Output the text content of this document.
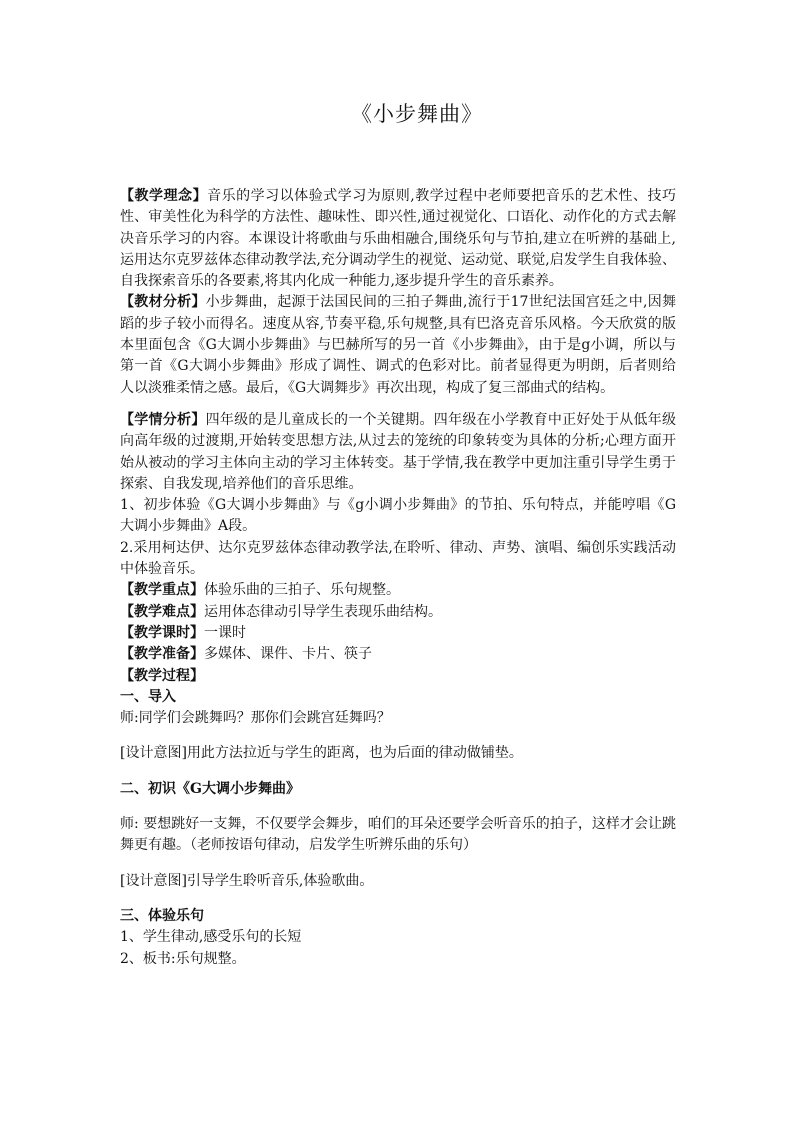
《小步舞曲》

【教学理念】音乐的学习以体验式学习为原则,教学过程中老师要把音乐的艺术性、技巧性、审美性化为科学的方法性、趣味性、即兴性,通过视觉化、口语化、动作化的方式去解决音乐学习的内容。本课设计将歌曲与乐曲相融合,围绕乐句与节拍,建立在听辨的基础上,运用达尔克罗兹体态律动教学法,充分调动学生的视觉、运动觉、联觉,启发学生自我体验、自我探索音乐的各要素,将其内化成一种能力,逐步提升学生的音乐素养。

【教材分析】小步舞曲，起源于法国民间的三拍子舞曲,流行于17世纪法国宫廷之中,因舞蹈的步子较小而得名。速度从容,节奏平稳,乐句规整,具有巴洛克音乐风格。今天欣赏的版本里面包含《G大调小步舞曲》与巴赫所写的另一首《小步舞曲》，由于是g小调，所以与第一首《G大调小步舞曲》形成了调性、调式的色彩对比。前者显得更为明朗，后者则给人以淡雅柔情之感。最后，《G大调舞步》再次出现，构成了复三部曲式的结构。

【学情分析】四年级的是儿童成长的一个关键期。四年级在小学教育中正好处于从低年级向高年级的过渡期,开始转变思想方法,从过去的笼统的印象转变为具体的分析;心理方面开始从被动的学习主体向主动的学习主体转变。基于学情,我在教学中更加注重引导学生勇于探索、自我发现,培养他们的音乐思维。

1、初步体验《G大调小步舞曲》与《g小调小步舞曲》的节拍、乐句特点，并能哼唱《G大调小步舞曲》A段。

2.采用柯达伊、达尔克罗兹体态律动教学法,在聆听、律动、声势、演唱、编创乐实践活动中体验音乐。

【教学重点】体验乐曲的三拍子、乐句规整。

【教学难点】运用体态律动引导学生表现乐曲结构。

【教学课时】一课时

【教学准备】多媒体、课件、卡片、筷子

【教学过程】

一、导入

师:同学们会跳舞吗？那你们会跳宫廷舞吗？

[设计意图]用此方法拉近与学生的距离，也为后面的律动做铺垫。

二、初识《G大调小步舞曲》

师: 要想跳好一支舞，不仅要学会舞步，咱们的耳朵还要学会听音乐的拍子，这样才会让跳舞更有趣。（老师按语句律动，启发学生听辨乐曲的乐句）

[设计意图]引导学生聆听音乐,体验歌曲。

三、体验乐句

1、学生律动,感受乐句的长短

2、板书:乐句规整。
